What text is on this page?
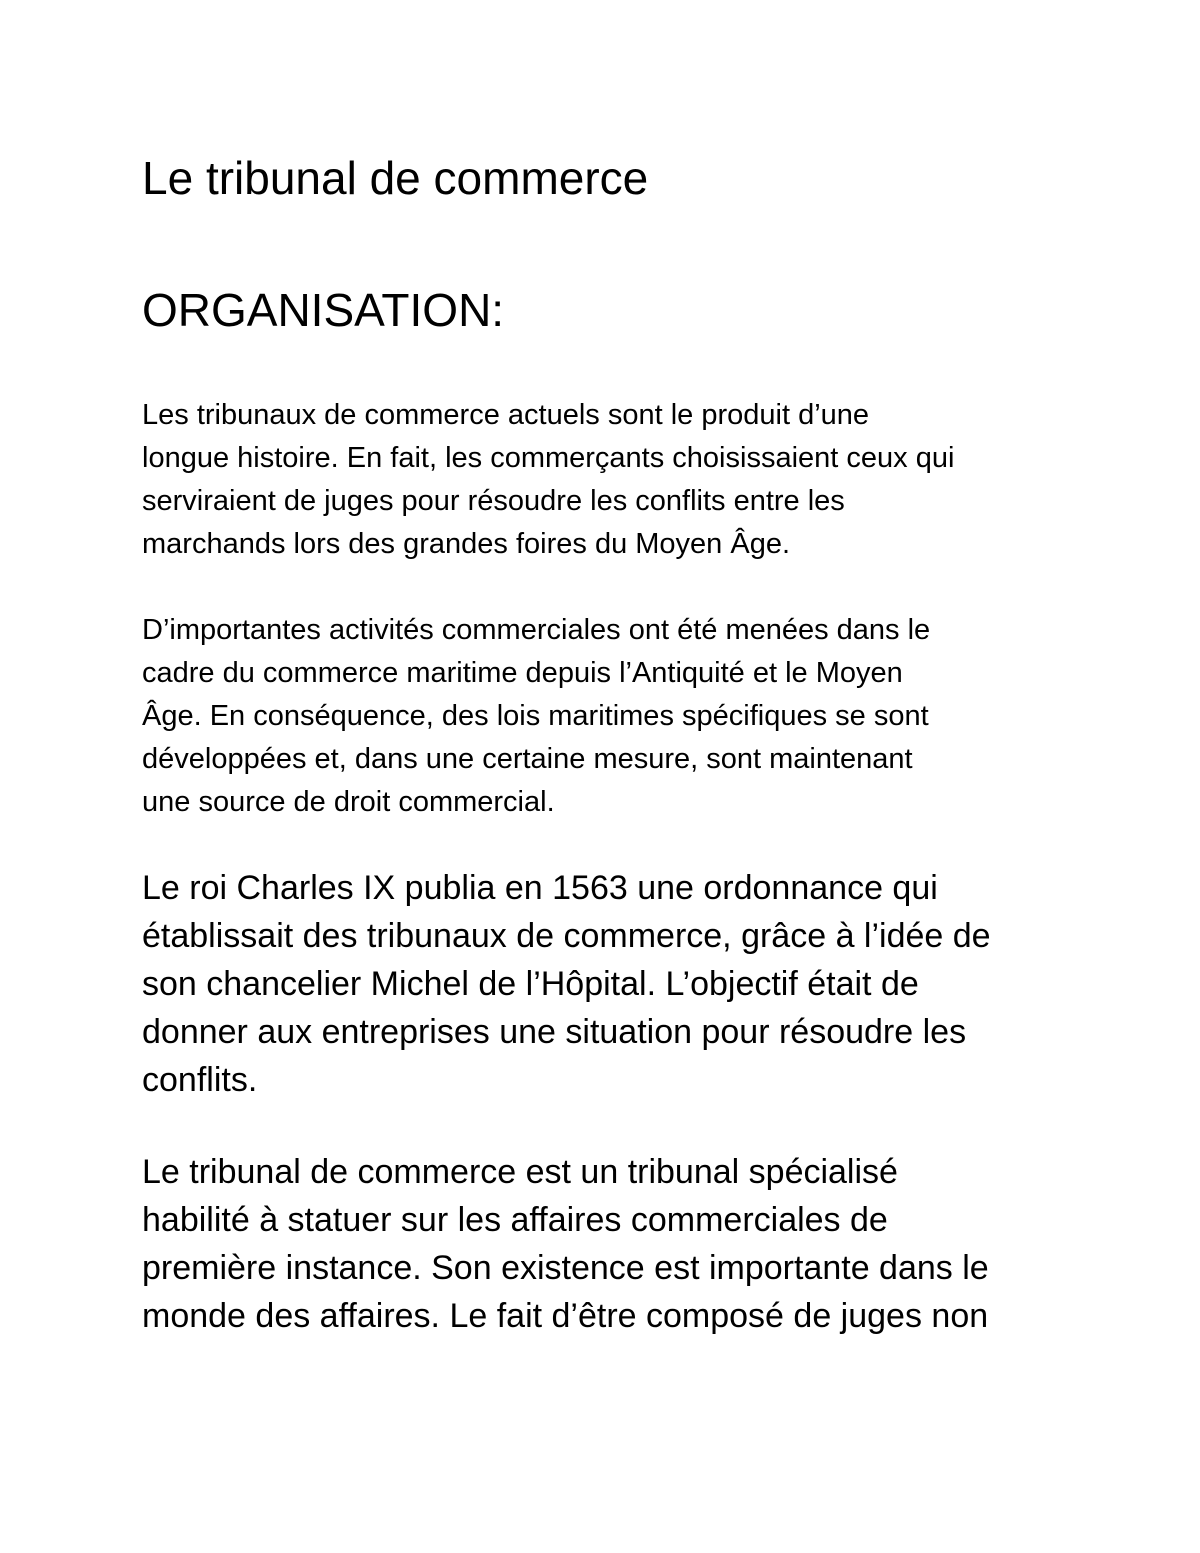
Le tribunal de commerce
ORGANISATION:

Les tribunaux de commerce actuels sont le produit d’une
longue histoire. En fait, les commerçants choisissaient ceux qui
serviraient de juges pour résoudre les conflits entre les
marchands lors des grandes foires du Moyen Âge.

D’importantes activités commerciales ont été menées dans le
cadre du commerce maritime depuis l’Antiquité et le Moyen
Âge. En conséquence, des lois maritimes spécifiques se sont
développées et, dans une certaine mesure, sont maintenant
une source de droit commercial.

Le roi Charles IX publia en 1563 une ordonnance qui
établissait des tribunaux de commerce, grâce à l’idée de
son chancelier Michel de l’Hôpital. L’objectif était de
donner aux entreprises une situation pour résoudre les
conflits.

Le tribunal de commerce est un tribunal spécialisé
habilité à statuer sur les affaires commerciales de
première instance. Son existence est importante dans le
monde des affaires. Le fait d’être composé de juges non
